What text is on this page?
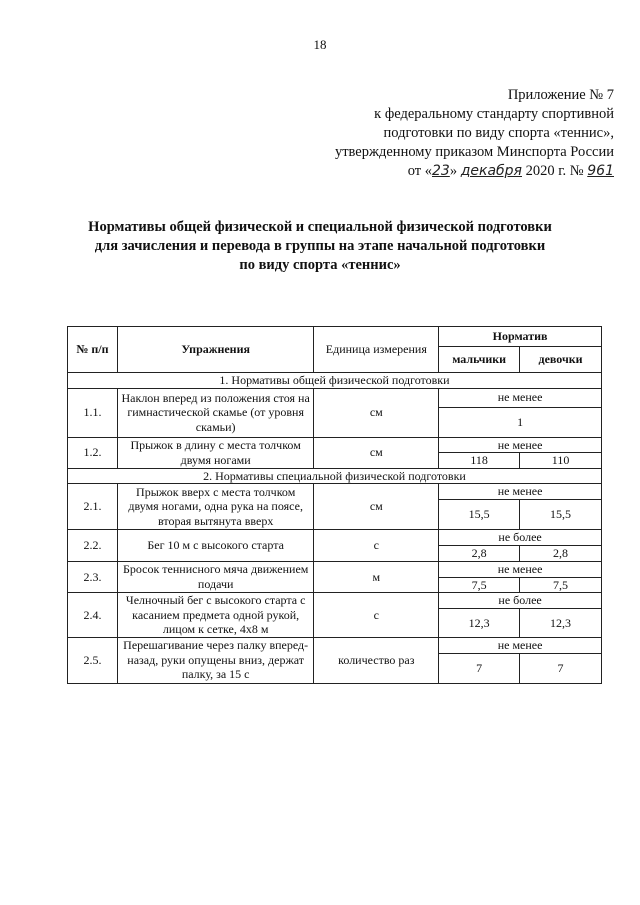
18
Приложение № 7
к федеральному стандарту спортивной
подготовки по виду спорта «теннис»,
утвержденному приказом Минспорта России
от «23» декабря 2020 г. № 961
Нормативы общей физической и специальной физической подготовки
для зачисления и перевода в группы на этапе начальной подготовки
по виду спорта «теннис»
№ п/п	Упражнения	Единица измерения	Норматив	
			мальчики	девочки
1. Нормативы общей физической подготовки				
1.1.	Наклон вперед из положения стоя на гимнастической скамье (от уровня скамьи)	см	не менее	
			1	
1.2.	Прыжок в длину с места толчком двумя ногами	см	не менее	
			118	110
2. Нормативы специальной физической подготовки				
2.1.	Прыжок вверх с места толчком двумя ногами, одна рука на поясе, вторая вытянута вверх	см	не менее	
			15,5	15,5
2.2.	Бег 10 м с высокого старта	с	не более	
			2,8	2,8
2.3.	Бросок теннисного мяча движением подачи	м	не менее	
			7,5	7,5
2.4.	Челночный бег с высокого старта с касанием предмета одной рукой, лицом к сетке, 4x8 м	с	не более	
			12,3	12,3
2.5.	Перешагивание через палку вперед-назад, руки опущены вниз, держат палку, за 15 с	количество раз	не менее	
			7	7
